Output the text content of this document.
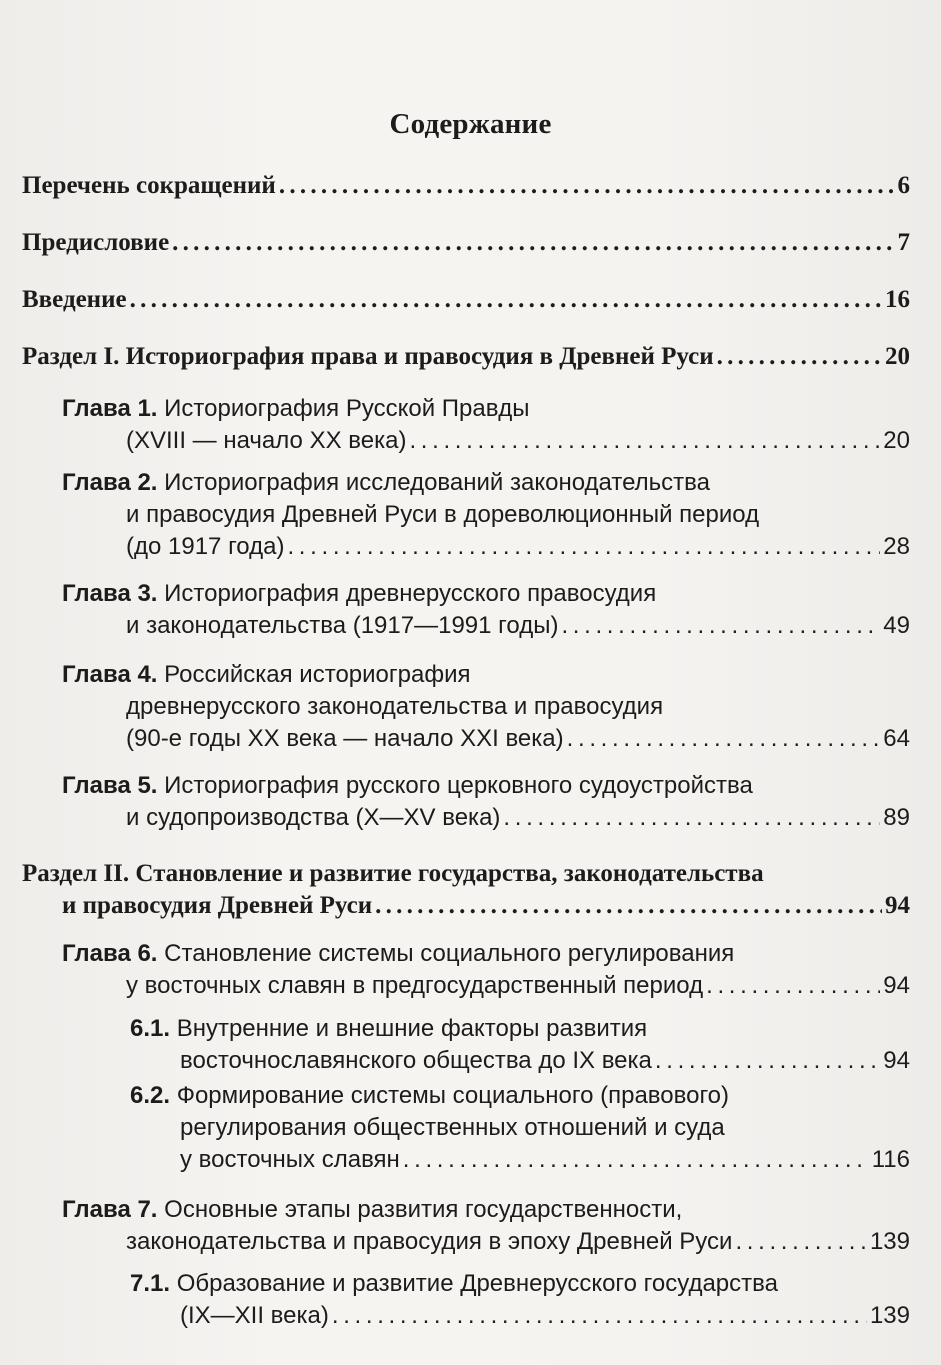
Содержание
Перечень сокращений . . .	6
Предисловие . . .	7
Введение . . .	16
Раздел I.
Историография права и правосудия в Древней Руси . . .	20
Глава 1.
Историография Русской Правды
(XVIII — начало XX века) . . .	20
Глава 2.
Историография исследований законодательства
и правосудия Древней Руси в дореволюционный период
(до 1917 года) . . .	28
Глава 3.
Историография древнерусского правосудия
и законодательства (1917—1991 годы) . . .	49
Глава 4.
Российская историография
древнерусского законодательства и правосудия
(90-е годы XX века — начало XXI века) . . .	64
Глава 5.
Историография русского церковного судоустройства
и судопроизводства (X—XV века) . . .	89
Раздел II.
Становление и развитие государства, законодательства
и правосудия Древней Руси . . .	94
Глава 6.
Становление системы социального регулирования
у восточных славян в предгосударственный период . . .	94
6.1.
Внутренние и внешние факторы развития
восточнославянского общества до IX века . . .	94
6.2.
Формирование системы социального (правового)
регулирования общественных отношений и суда
у восточных славян . . .	116
Глава 7.
Основные этапы развития государственности,
законодательства и правосудия в эпоху Древней Руси . . .	139
7.1.
Образование и развитие Древнерусского государства
(IX—XII века) . . .	139
